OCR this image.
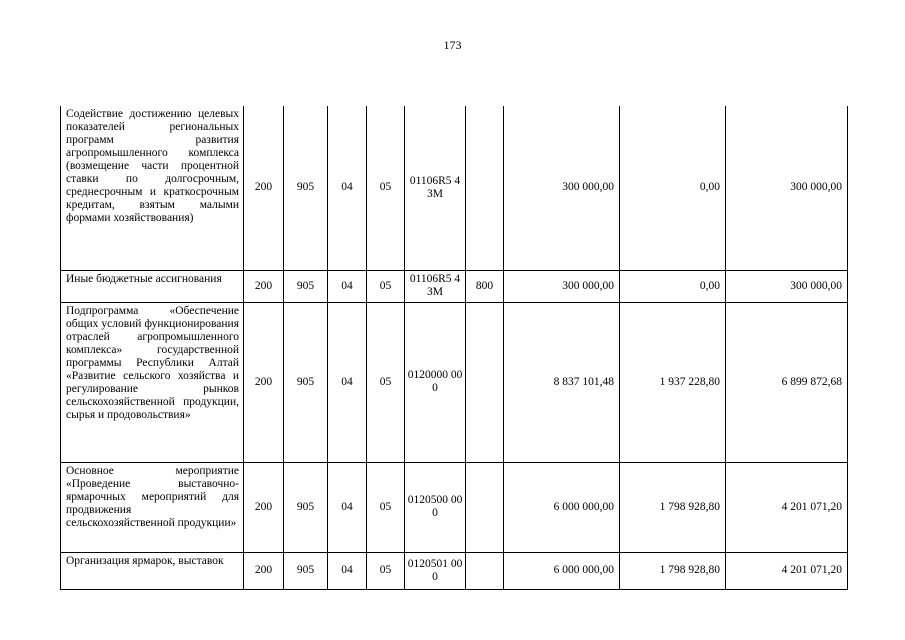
173
Содействие достижению целевых показателей региональных программ развития агропромышленного комплекса (возмещение части процентной ставки по долгосрочным, среднесрочным и краткосрочным кредитам, взятым малыми формами хозяйствования)	200	905	04	05	01106R5 43M		300 000,00	0,00	300 000,00
Иные бюджетные ассигнования	200	905	04	05	01106R5 43M	800	300 000,00	0,00	300 000,00
Подпрограмма «Обеспечение общих условий функционирования отраслей агропромышленного комплекса» государственной программы Республики Алтай «Развитие сельского хозяйства и регулирование рынков сельскохозяйственной продукции, сырья и продовольствия»	200	905	04	05	0120000 000		8 837 101,48	1 937 228,80	6 899 872,68
Основное мероприятие «Проведение выставочно-ярмарочных мероприятий для продвижения сельскохозяйственной продукции»	200	905	04	05	0120500 000		6 000 000,00	1 798 928,80	4 201 071,20
Организация ярмарок, выставок	200	905	04	05	0120501 000		6 000 000,00	1 798 928,80	4 201 071,20
